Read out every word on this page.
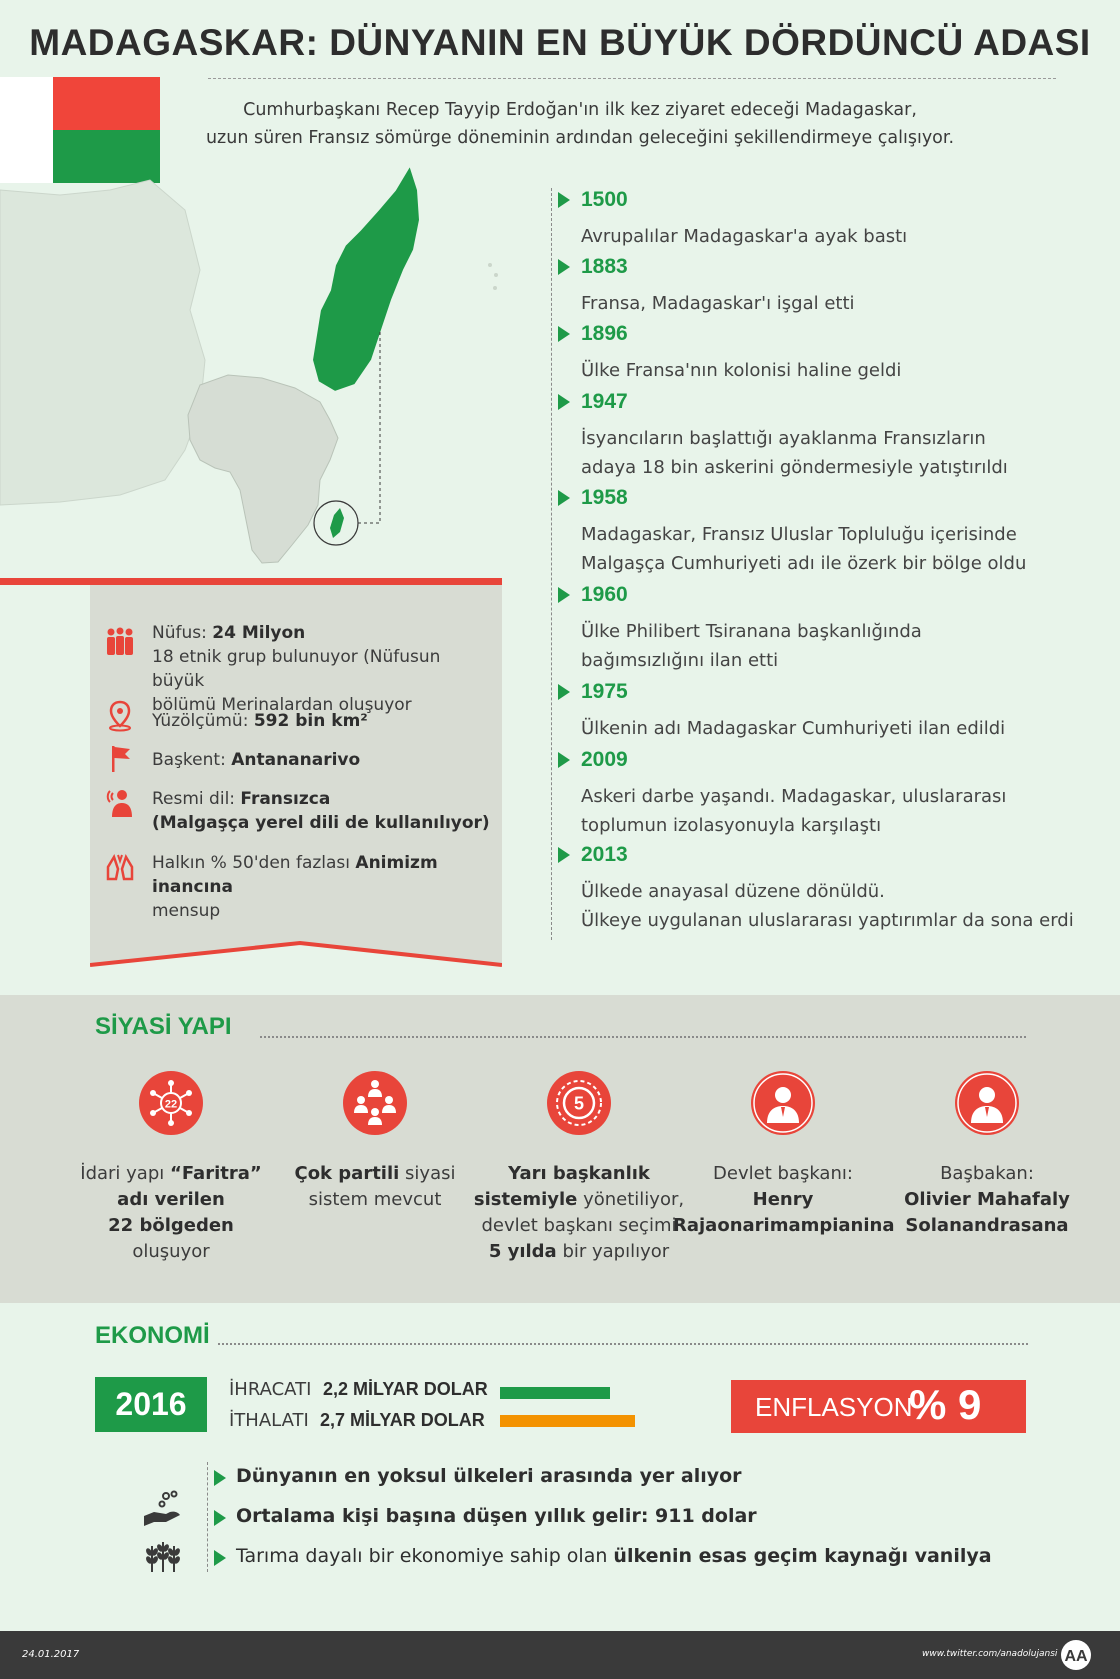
MADAGASKAR: DÜNYANIN EN BÜYÜK DÖRDÜNCÜ ADASI
Cumhurbaşkanı Recep Tayyip Erdoğan'ın ilk kez ziyaret edeceği Madagaskar,
uzun süren Fransız sömürge döneminin ardından geleceğini şekillendirmeye çalışıyor.
1500
Avrupalılar Madagaskar'a ayak bastı
1883
Fransa, Madagaskar'ı işgal etti
1896
Ülke Fransa'nın kolonisi haline geldi
1947
İsyancıların başlattığı ayaklanma Fransızların
adaya 18 bin askerini göndermesiyle yatıştırıldı
1958
Madagaskar, Fransız Uluslar Topluluğu içerisinde
Malgaşça Cumhuriyeti adı ile özerk bir bölge oldu
1960
Ülke Philibert Tsiranana başkanlığında
bağımsızlığını ilan etti
1975
Ülkenin adı Madagaskar Cumhuriyeti ilan edildi
2009
Askeri darbe yaşandı. Madagaskar, uluslararası
toplumun izolasyonuyla karşılaştı
2013
Ülkede anayasal düzene dönüldü.
Ülkeye uygulanan uluslararası yaptırımlar da sona erdi
Nüfus: 24 Milyon
18 etnik grup bulunuyor (Nüfusun büyük
bölümü Merinalardan oluşuyor
Yüzölçümü: 592 bin km²
Başkent: Antananarivo
Resmi dil: Fransızca
(Malgaşça yerel dili de kullanılıyor)
Halkın % 50'den fazlası Animizm inancına
mensup
SİYASİ YAPI
22	5
İdari yapı “Faritra”
adı verilen
22 bölgeden
oluşuyor
Çok partili siyasi
sistem mevcut
Yarı başkanlık
sistemiyle yönetiliyor,
devlet başkanı seçimi
5 yılda bir yapılıyor
Devlet başkanı:
Henry
Rajaonarimampianina
Başbakan:
Olivier Mahafaly
Solanandrasana
EKONOMİ
2016	İHRACATI 2,2 MİLYAR DOLAR
İTHALATI 2,7 MİLYAR DOLAR	ENFLASYON
% 9
Dünyanın en yoksul ülkeleri arasında yer alıyor
Ortalama kişi başına düşen yıllık gelir: 911 dolar
Tarıma dayalı bir ekonomiye sahip olan ülkenin esas geçim kaynağı vanilya
24.01.2017	www.twitter.com/anadolujansi AA
